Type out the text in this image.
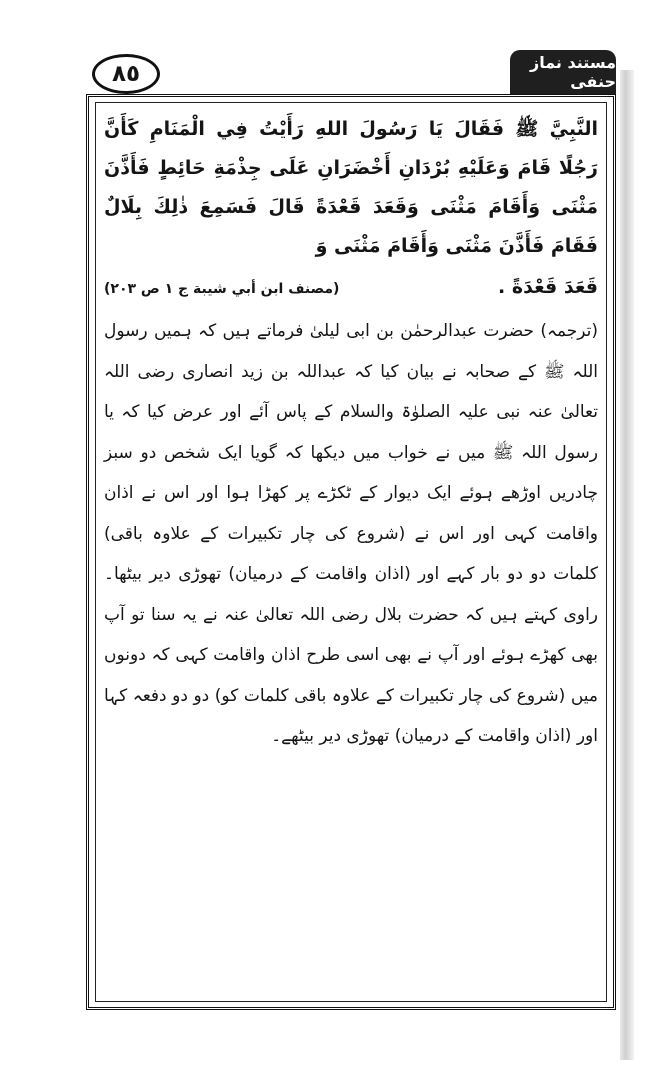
٨٥	مستند نماز حنفی

النَّبِيَّ ﷺ فَقَالَ يَا رَسُولَ اللهِ رَأَيْتُ فِي الْمَنَامِ كَأَنَّ رَجُلًا قَامَ وَعَلَيْهِ بُرْدَانِ أَخْضَرَانِ عَلَى جِذْمَةِ حَائِطٍ فَأَذَّنَ مَثْنَى وَأَقَامَ مَثْنَى وَقَعَدَ قَعْدَةً قَالَ فَسَمِعَ ذٰلِكَ بِلَالٌ فَقَامَ فَأَذَّنَ مَثْنَى وَأَقَامَ مَثْنَى وَ

قَعَدَ قَعْدَةً .
(مصنف ابن أبي شيبة ج ١ ص ٢٠٣)

(ترجمہ) حضرت عبدالرحمٰن بن ابی لیلیٰ فرماتے ہیں کہ ہمیں رسول اللہ ﷺ کے صحابہ نے بیان کیا کہ عبداللہ بن زید انصاری رضی اللہ تعالیٰ عنہ نبی علیہ الصلوٰۃ والسلام کے پاس آئے اور عرض کیا کہ یا رسول اللہ ﷺ میں نے خواب میں دیکھا کہ گویا ایک شخص دو سبز چادریں اوڑھے ہوئے ایک دیوار کے ٹکڑے پر کھڑا ہوا اور اس نے اذان واقامت کہی اور اس نے (شروع کی چار تکبیرات کے علاوہ باقی) کلمات دو دو بار کہے اور (اذان واقامت کے درمیان) تھوڑی دیر بیٹھا۔ راوی کہتے ہیں کہ حضرت بلال رضی اللہ تعالیٰ عنہ نے یہ سنا تو آپ بھی کھڑے ہوئے اور آپ نے بھی اسی طرح اذان واقامت کہی کہ دونوں میں (شروع کی چار تکبیرات کے علاوہ باقی کلمات کو) دو دو دفعہ کہا اور (اذان واقامت کے درمیان) تھوڑی دیر بیٹھے۔
